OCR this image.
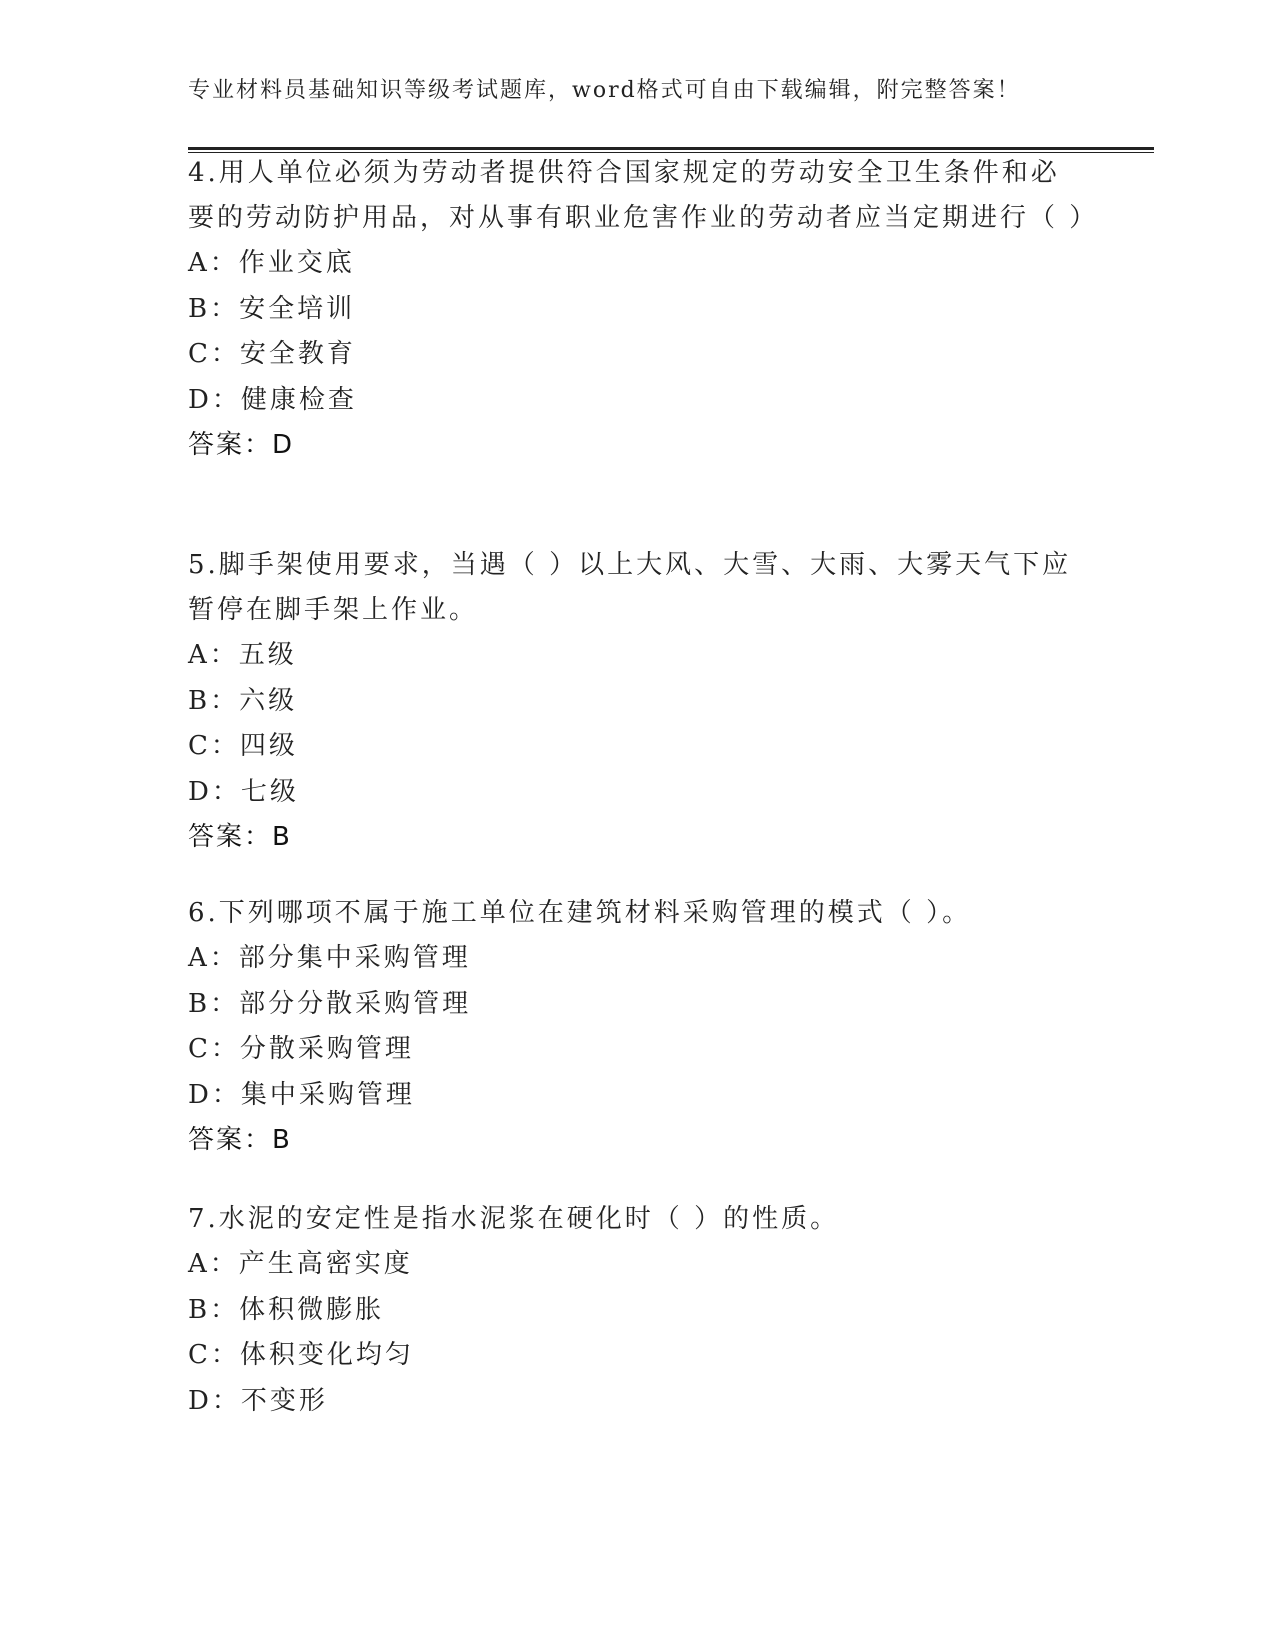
专业材料员基础知识等级考试题库，word格式可自由下载编辑，附完整答案！

4.用人单位必须为劳动者提供符合国家规定的劳动安全卫生条件和必要的劳动防护用品，对从事有职业危害作业的劳动者应当定期进行（ ）

A：作业交底

B：安全培训

C：安全教育

D：健康检查

答案：D

5.脚手架使用要求，当遇（ ）以上大风、大雪、大雨、大雾天气下应暂停在脚手架上作业。

A：五级

B：六级

C：四级

D：七级

答案：B

6.下列哪项不属于施工单位在建筑材料采购管理的模式（ ）。

A：部分集中采购管理

B：部分分散采购管理

C：分散采购管理

D：集中采购管理

答案：B

7.水泥的安定性是指水泥浆在硬化时（ ）的性质。

A：产生高密实度

B：体积微膨胀

C：体积变化均匀

D：不变形
